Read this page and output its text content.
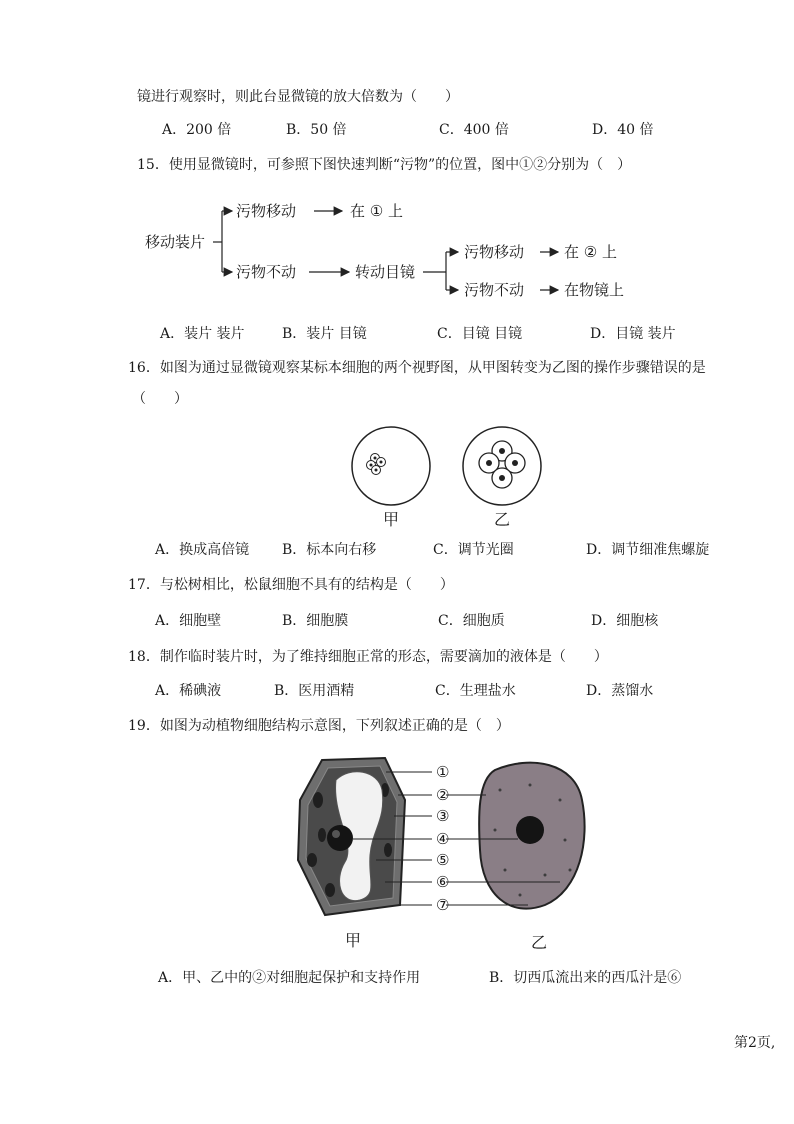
镜进行观察时，则此台显微镜的放大倍数为（　　）
A．200 倍	B．50 倍	C．400 倍	D．40 倍
15．使用显微镜时，可参照下图快速判断“污物”的位置，图中①②分别为（　）
移动装片
污物移动	在 ① 上
污物不动	转动目镜
污物移动	在 ② 上
污物不动	在物镜上
A．装片 装片	B．装片 目镜	C．目镜 目镜	D．目镜 装片
16．如图为通过显微镜观察某标本细胞的两个视野图，从甲图转变为乙图的操作步骤错误的是
（　　）
甲	乙
A．换成高倍镜 B．标本向右移	C．调节光圈	D．调节细准焦螺旋
17．与松树相比，松鼠细胞不具有的结构是（　　）
A．细胞壁	B．细胞膜	C．细胞质	D．细胞核
18．制作临时装片时，为了维持细胞正常的形态，需要滴加的液体是（　　）
A．稀碘液	B．医用酒精	C．生理盐水	D．蒸馏水
19．如图为动植物细胞结构示意图，下列叙述正确的是（　）
①
②
③
④
⑤
⑥
⑦
甲	乙
A．甲、乙中的②对细胞起保护和支持作用	B．切西瓜流出来的西瓜汁是⑥
第2页,
